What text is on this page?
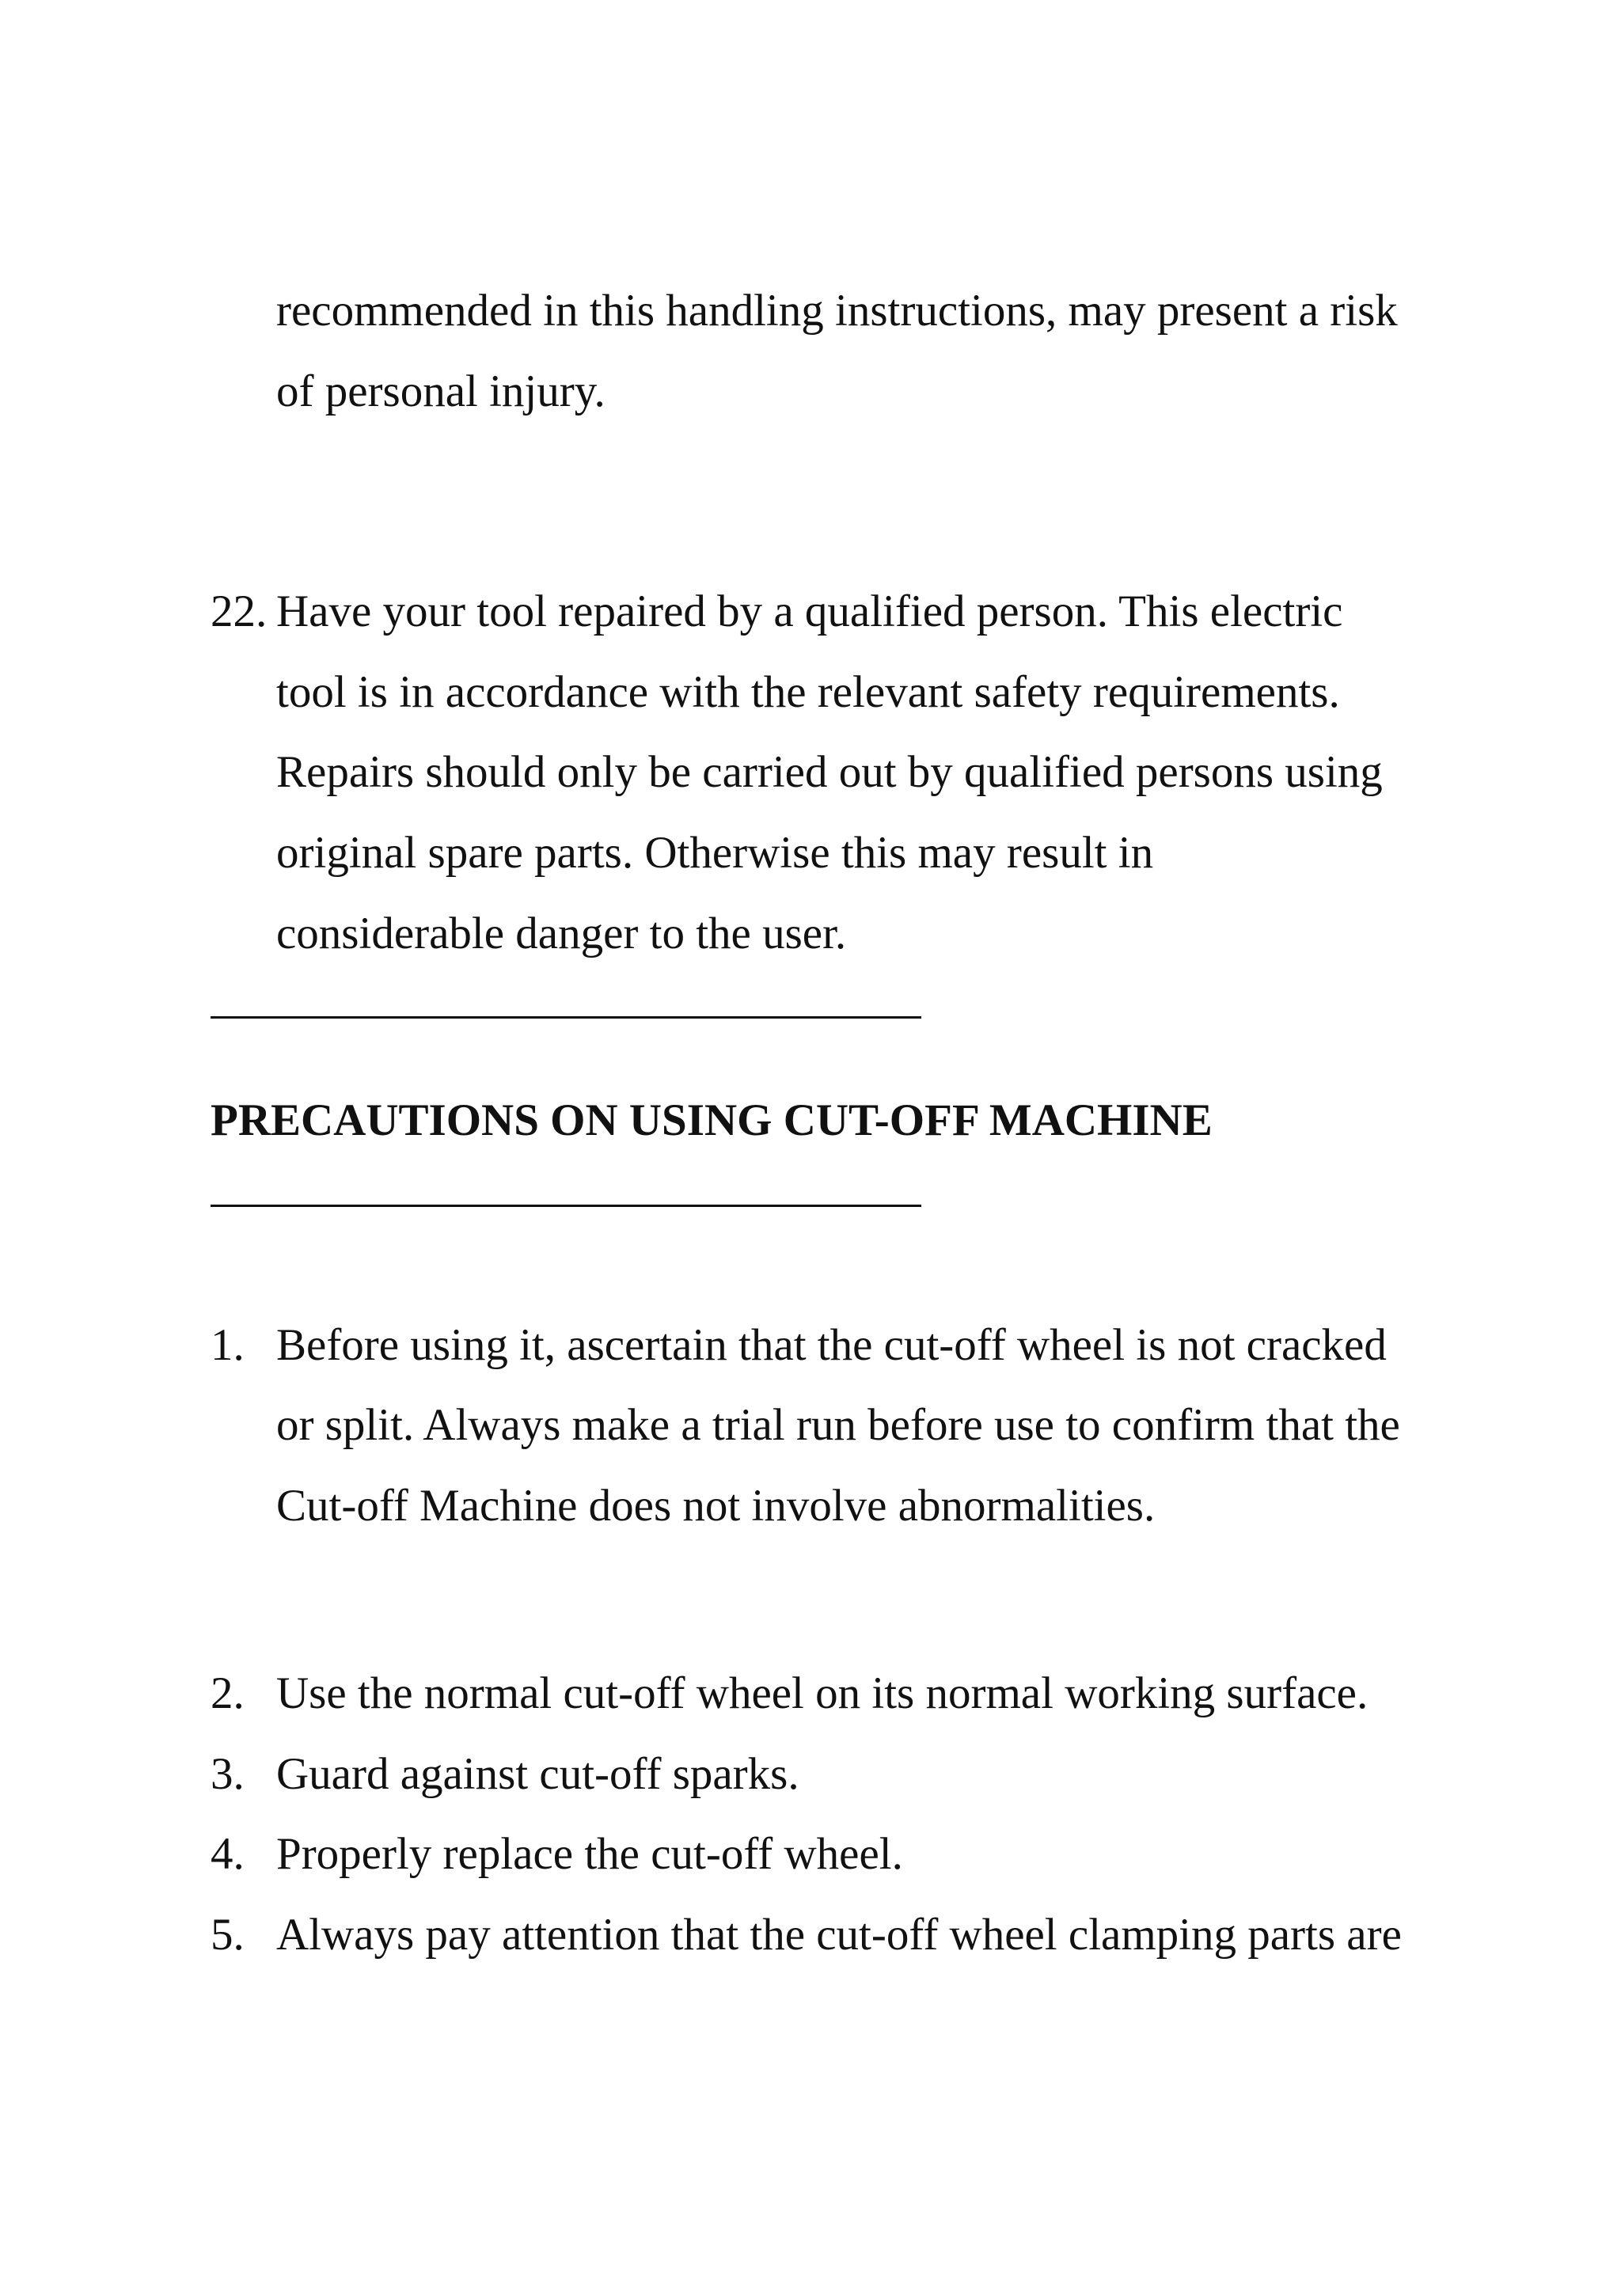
recommended in this handling instructions, may present a risk
of personal injury.
22. Have your tool repaired by a qualified person. This electric
tool is in accordance with the relevant safety requirements.
Repairs should only be carried out by qualified persons using
original spare parts. Otherwise this may result in
considerable danger to the user.
PRECAUTIONS ON USING CUT-OFF MACHINE
1. Before using it, ascertain that the cut-off wheel is not cracked
or split. Always make a trial run before use to confirm that the
Cut-off Machine does not involve abnormalities.
2. Use the normal cut-off wheel on its normal working surface.
3. Guard against cut-off sparks.
4. Properly replace the cut-off wheel.
5. Always pay attention that the cut-off wheel clamping parts are
